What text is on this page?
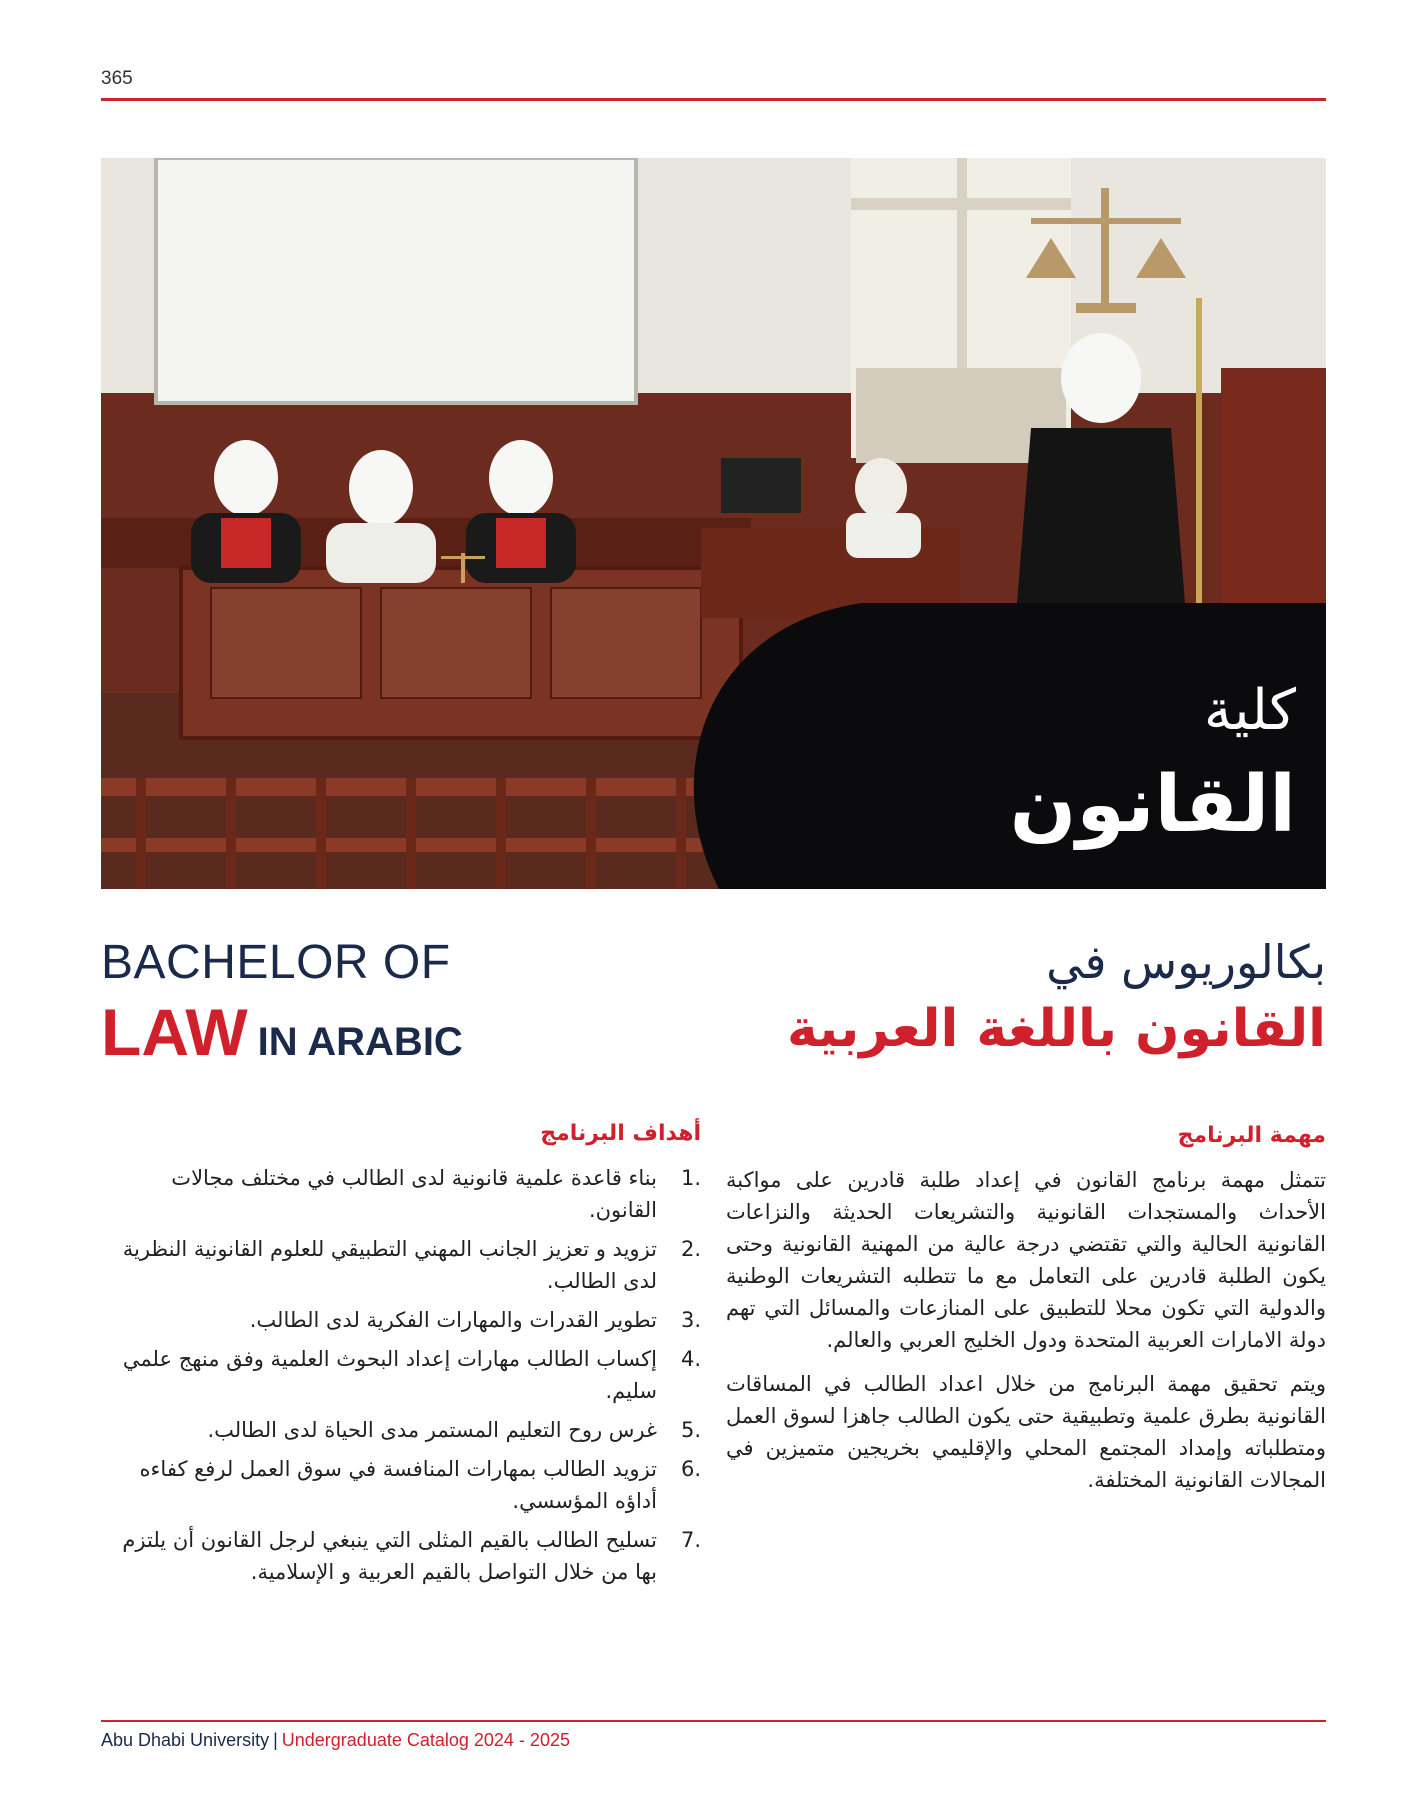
365
كلية
القانون
BACHELOR OF
LAW IN ARABIC
بكالوريوس في
القانون باللغة العربية
مهمة البرنامج

تتمثل مهمة برنامج القانون في إعداد طلبة قادرين على مواكبة الأحداث والمستجدات القانونية والتشريعات الحديثة والنزاعات القانونية الحالية والتي تقتضي درجة عالية من المهنية القانونية وحتى يكون الطلبة قادرين على التعامل مع ما تتطلبه التشريعات الوطنية والدولية التي تكون محلا للتطبيق على المنازعات والمسائل التي تهم دولة الامارات العربية المتحدة ودول الخليج العربي والعالم.

ويتم تحقيق مهمة البرنامج من خلال اعداد الطالب في المساقات القانونية بطرق علمية وتطبيقية حتى يكون الطالب جاهزا لسوق العمل ومتطلباته وإمداد المجتمع المحلي والإقليمي بخريجين متميزين في المجالات القانونية المختلفة.

أهداف البرنامج
.1
بناء قاعدة علمية قانونية لدى الطالب في مختلف مجالات القانون.
.2
تزويد و تعزيز الجانب المهني التطبيقي للعلوم القانونية النظرية لدى الطالب.
.3
تطوير القدرات والمهارات الفكرية لدى الطالب.
.4
إكساب الطالب مهارات إعداد البحوث العلمية وفق منهج علمي سليم.
.5
غرس روح التعليم المستمر مدى الحياة لدى الطالب.
.6
تزويد الطالب بمهارات المنافسة في سوق العمل لرفع كفاءه أداؤه المؤسسي.
.7
تسليح الطالب بالقيم المثلى التي ينبغي لرجل القانون أن يلتزم بها من خلال التواصل بالقيم العربية و الإسلامية.
Abu Dhabi University | Undergraduate Catalog 2024 - 2025
